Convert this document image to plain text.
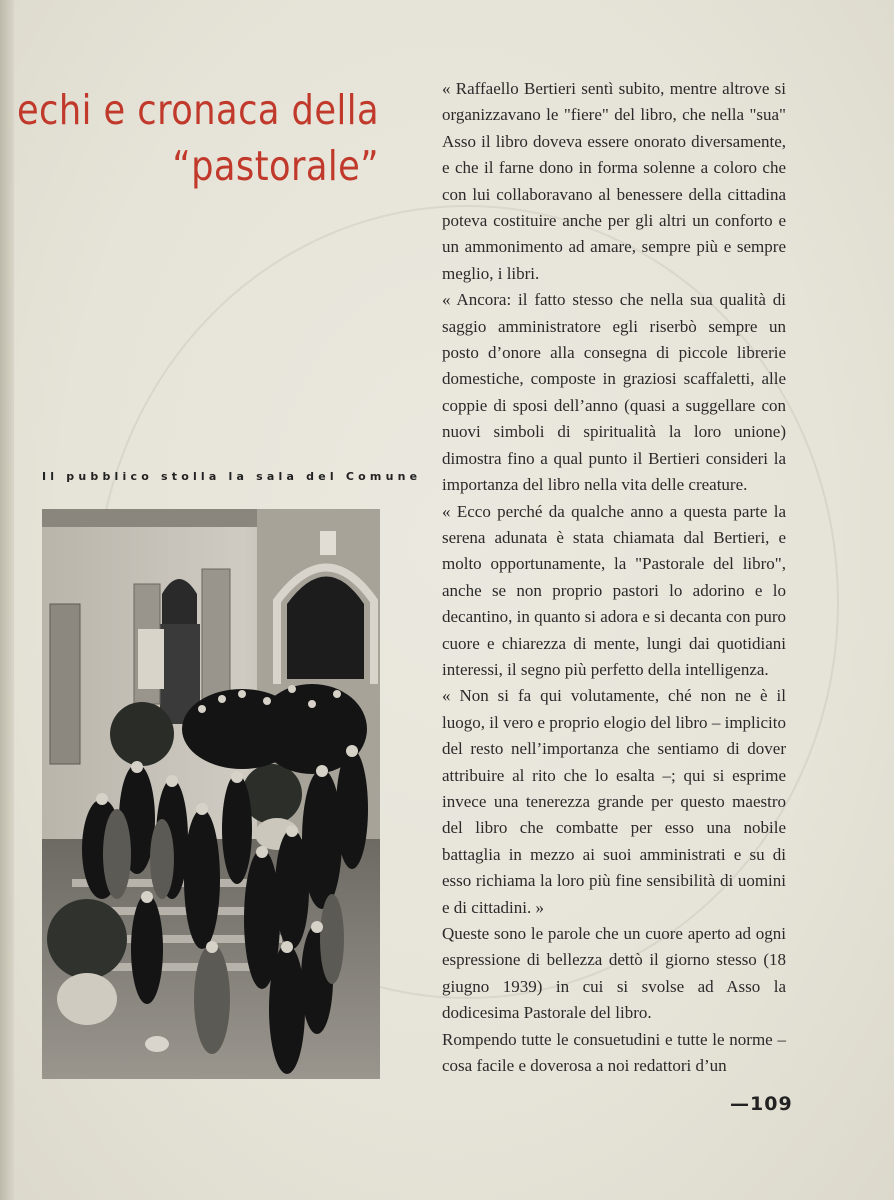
echi e cronaca della
“pastorale”
Il pubblico stolla la sala del Comune

« Raffaello Bertieri sentì subito, mentre altrove si organizzavano le "fiere" del libro, che nella "sua" Asso il libro doveva essere onorato diversamente, e che il farne dono in forma solenne a coloro che con lui collaboravano al benessere della cittadina poteva costituire anche per gli altri un conforto e un ammonimento ad amare, sempre più e sempre meglio, i libri.

« Ancora: il fatto stesso che nella sua qualità di saggio amministratore egli riserbò sempre un posto d’onore alla consegna di piccole librerie domestiche, composte in graziosi scaffaletti, alle coppie di sposi dell’anno (quasi a suggellare con nuovi simboli di spiritualità la loro unione) dimostra fino a qual punto il Bertieri consideri la importanza del libro nella vita delle creature.

« Ecco perché da qualche anno a questa parte la serena adunata è stata chiamata dal Bertieri, e molto opportunamente, la "Pastorale del libro", anche se non proprio pastori lo adorino e lo decantino, in quanto si adora e si decanta con puro cuore e chiarezza di mente, lungi dai quotidiani interessi, il segno più perfetto della intelligenza.

« Non si fa qui volutamente, ché non ne è il luogo, il vero e proprio elogio del libro – implicito del resto nell’importanza che sentiamo di dover attribuire al rito che lo esalta –; qui si esprime invece una tenerezza grande per questo maestro del libro che combatte per esso una nobile battaglia in mezzo ai suoi amministrati e su di esso richiama la loro più fine sensibilità di uomini e di cittadini. »

Queste sono le parole che un cuore aperto ad ogni espressione di bellezza dettò il giorno stesso (18 giugno 1939) in cui si svolse ad Asso la dodicesima Pastorale del libro.

Rompendo tutte le consuetudini e tutte le norme – cosa facile e doverosa a noi redattori d’un

—109
